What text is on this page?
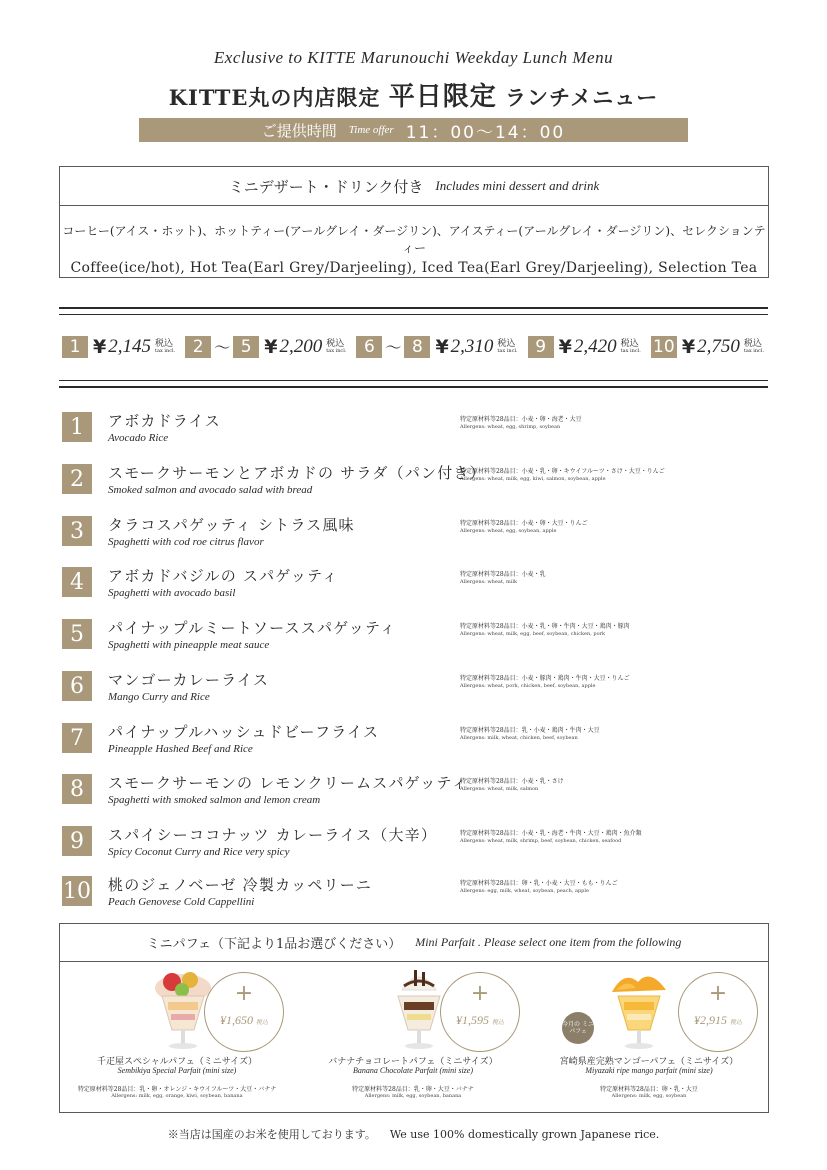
Exclusive to KITTE Marunouchi Weekday Lunch Menu
KITTE丸の内店限定 平日限定 ランチメニュー
ご提供時間 Time offer 11：00〜14：00
ミニデザート・ドリンク付き Includes mini dessert and drink
コーヒー(アイス・ホット)、ホットティー(アールグレイ・ダージリン)、アイスティー(アールグレイ・ダージリン)、セレクションティー
Coffee(ice/hot), Hot Tea(Earl Grey/Darjeeling), Iced Tea(Earl Grey/Darjeeling), Selection Tea
1 ¥ 2,145 税込
tax incl.	2 〜 5 ¥ 2,200 税込
tax incl.	6 〜 8 ¥ 2,310 税込
tax incl.	9 ¥ 2,420 税込
tax incl. 10 ¥ 2,750 税込
tax incl.
1	アボカドライス
Avocado Rice
特定原材料等28品目：小麦・卵・海老・大豆
Allergens: wheat, egg, shrimp, soybean
2	スモークサーモンとアボカドの サラダ（パン付き）
Smoked salmon and avocado salad with bread
特定原材料等28品目：小麦・乳・卵・キウイフルーツ・さけ・大豆・りんご
Allergens: wheat, milk, egg, kiwi, salmon, soybean, apple
3	タラコスパゲッティ シトラス風味
Spaghetti with cod roe citrus flavor
特定原材料等28品目：小麦・卵・大豆・りんご
Allergens: wheat, egg, soybean, apple
4	アボカドバジルの スパゲッティ
Spaghetti with avocado basil
特定原材料等28品目：小麦・乳
Allergens: wheat, milk
5	パイナップルミートソーススパゲッティ
Spaghetti with pineapple meat sauce
特定原材料等28品目：小麦・乳・卵・牛肉・大豆・鶏肉・豚肉
Allergens: wheat, milk, egg, beef, soybean, chicken, pork
6	マンゴーカレーライス
Mango Curry and Rice
特定原材料等28品目：小麦・豚肉・鶏肉・牛肉・大豆・りんご
Allergens: wheat, pork, chicken, beef, soybean, apple
7	パイナップルハッシュドビーフライス
Pineapple Hashed Beef and Rice
特定原材料等28品目：乳・小麦・鶏肉・牛肉・大豆
Allergens: milk, wheat, chicken, beef, soybean
8	スモークサーモンの レモンクリームスパゲッティ
Spaghetti with smoked salmon and lemon cream
特定原材料等28品目：小麦・乳・さけ
Allergens: wheat, milk, salmon
9	スパイシーココナッツ カレーライス（大辛）
Spicy Coconut Curry and Rice very spicy
特定原材料等28品目：小麦・乳・海老・牛肉・大豆・鶏肉・魚介類
Allergens: wheat, milk, shrimp, beef, soybean, chicken, seafood
10 桃のジェノベーゼ 冷製カッペリーニ
Peach Genovese Cold Cappellini
特定原材料等28品目：卵・乳・小麦・大豆・もも・りんご
Allergens: egg, milk, wheat, soybean, peach, apple
ミニパフェ（下記より1品お選びください） Mini Parfait . Please select one item from the following
+
¥1,650 税込
千疋屋スペシャルパフェ（ミニサイズ）
Sembikiya Special Parfait (mini size)
特定原材料等28品目：乳・卵・オレンジ・キウイフルーツ・大豆・バナナ
Allergens: milk, egg, orange, kiwi, soybean, banana
+
¥1,595 税込
バナナチョコレートパフェ（ミニサイズ）
Banana Chocolate Parfait (mini size)
特定原材料等28品目：乳・卵・大豆・バナナ
Allergens: milk, egg, soybean, banana
今月の ミニパフェ
+
¥2,915 税込
宮崎県産完熟マンゴーパフェ（ミニサイズ）
Miyazaki ripe mango parfait (mini size)
特定原材料等28品目：卵・乳・大豆
Allergens: milk, egg, soybean
※当店は国産のお米を使用しております。 We use 100% domestically grown Japanese rice.
